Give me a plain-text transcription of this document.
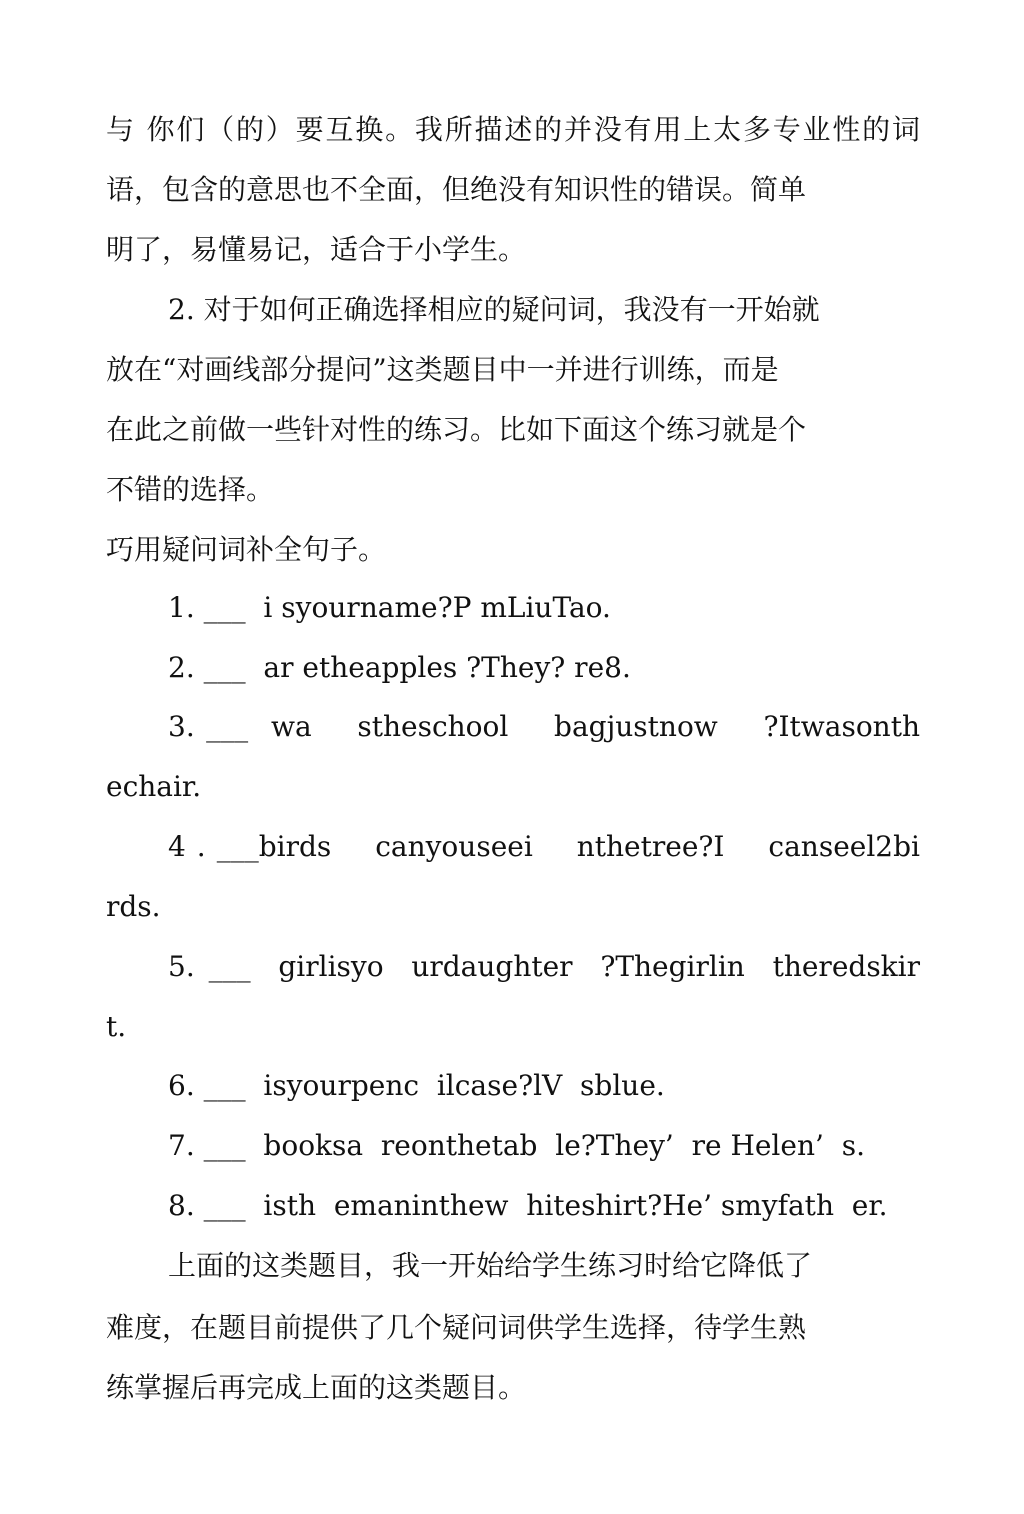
与 你们（的）要互换。我所描述的并没有用上太多专业性的词

语，包含的意思也不全面，但绝没有知识性的错误。简单

明了，易懂易记，适合于小学生。

2. 对于如何正确选择相应的疑问词，我没有一开始就

放在“对画线部分提问”这类题目中一并进行训练，而是

在此之前做一些针对性的练习。比如下面这个练习就是个

不错的选择。

巧用疑问词补全句子。

1. ___  i syourname?P mLiuTao.

2. ___  ar etheapples ?They? re8.

3. ___  wa    stheschool    bagjustnow    ?Itwasonth

echair.

4 . ___birds    canyouseei    nthetree?I    canseel2bi

rds.

5. ___  girlisyo  urdaughter  ?Thegirlin  theredskir

t.

6. ___  isyourpenc  ilcase?lV  sblue.

7. ___  booksa  reonthetab  le?They’  re Helen’  s.

8. ___  isth  emaninthew  hiteshirt?He’ smyfath  er.

上面的这类题目，我一开始给学生练习时给它降低了

难度，在题目前提供了几个疑问词供学生选择，待学生熟

练掌握后再完成上面的这类题目。
